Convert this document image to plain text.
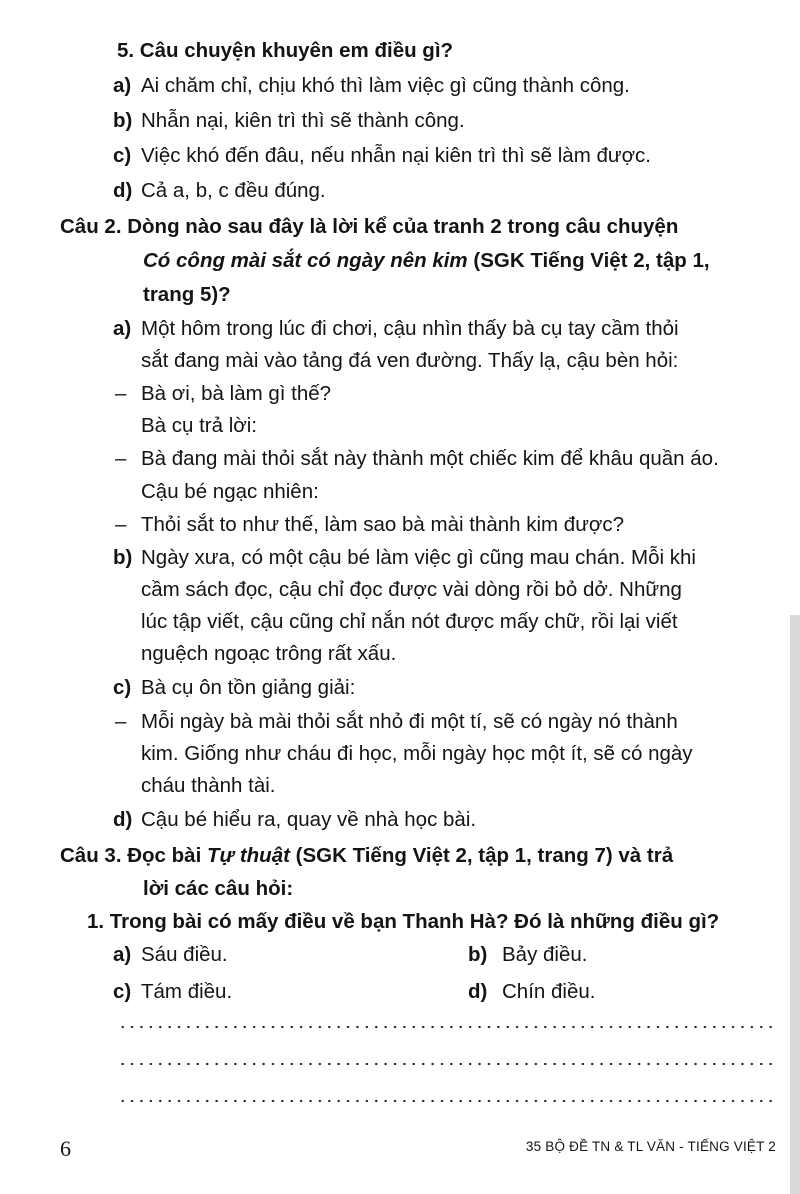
5. Câu chuyện khuyên em điều gì?
a) Ai chăm chỉ, chịu khó thì làm việc gì cũng thành công.
b) Nhẫn nại, kiên trì thì sẽ thành công.
c) Việc khó đến đâu, nếu nhẫn nại kiên trì thì sẽ làm được.
d) Cả a, b, c đều đúng.
Câu 2. Dòng nào sau đây là lời kể của tranh 2 trong câu chuyện
Có công mài sắt có ngày nên kim (SGK Tiếng Việt 2, tập 1,
trang 5)?
a) Một hôm trong lúc đi chơi, cậu nhìn thấy bà cụ tay cầm thỏi
sắt đang mài vào tảng đá ven đường. Thấy lạ, cậu bèn hỏi:
– Bà ơi, bà làm gì thế?
Bà cụ trả lời:
– Bà đang mài thỏi sắt này thành một chiếc kim để khâu quần áo.
Cậu bé ngạc nhiên:
– Thỏi sắt to như thế, làm sao bà mài thành kim được?
b) Ngày xưa, có một cậu bé làm việc gì cũng mau chán. Mỗi khi
cầm sách đọc, cậu chỉ đọc được vài dòng rồi bỏ dở. Những
lúc tập viết, cậu cũng chỉ nắn nót được mấy chữ, rồi lại viết
nguệch ngoạc trông rất xấu.
c) Bà cụ ôn tồn giảng giải:
– Mỗi ngày bà mài thỏi sắt nhỏ đi một tí, sẽ có ngày nó thành
kim. Giống như cháu đi học, mỗi ngày học một ít, sẽ có ngày
cháu thành tài.
d) Cậu bé hiểu ra, quay về nhà học bài.
Câu 3. Đọc bài Tự thuật (SGK Tiếng Việt 2, tập 1, trang 7) và trả
lời các câu hỏi:
1. Trong bài có mấy điều về bạn Thanh Hà? Đó là những điều gì?
a) Sáu điều.	b) Bảy điều.
c) Tám điều.	d) Chín điều.
6	35 BỘ ĐỀ TN & TL VĂN - TIẾNG VIỆT 2
